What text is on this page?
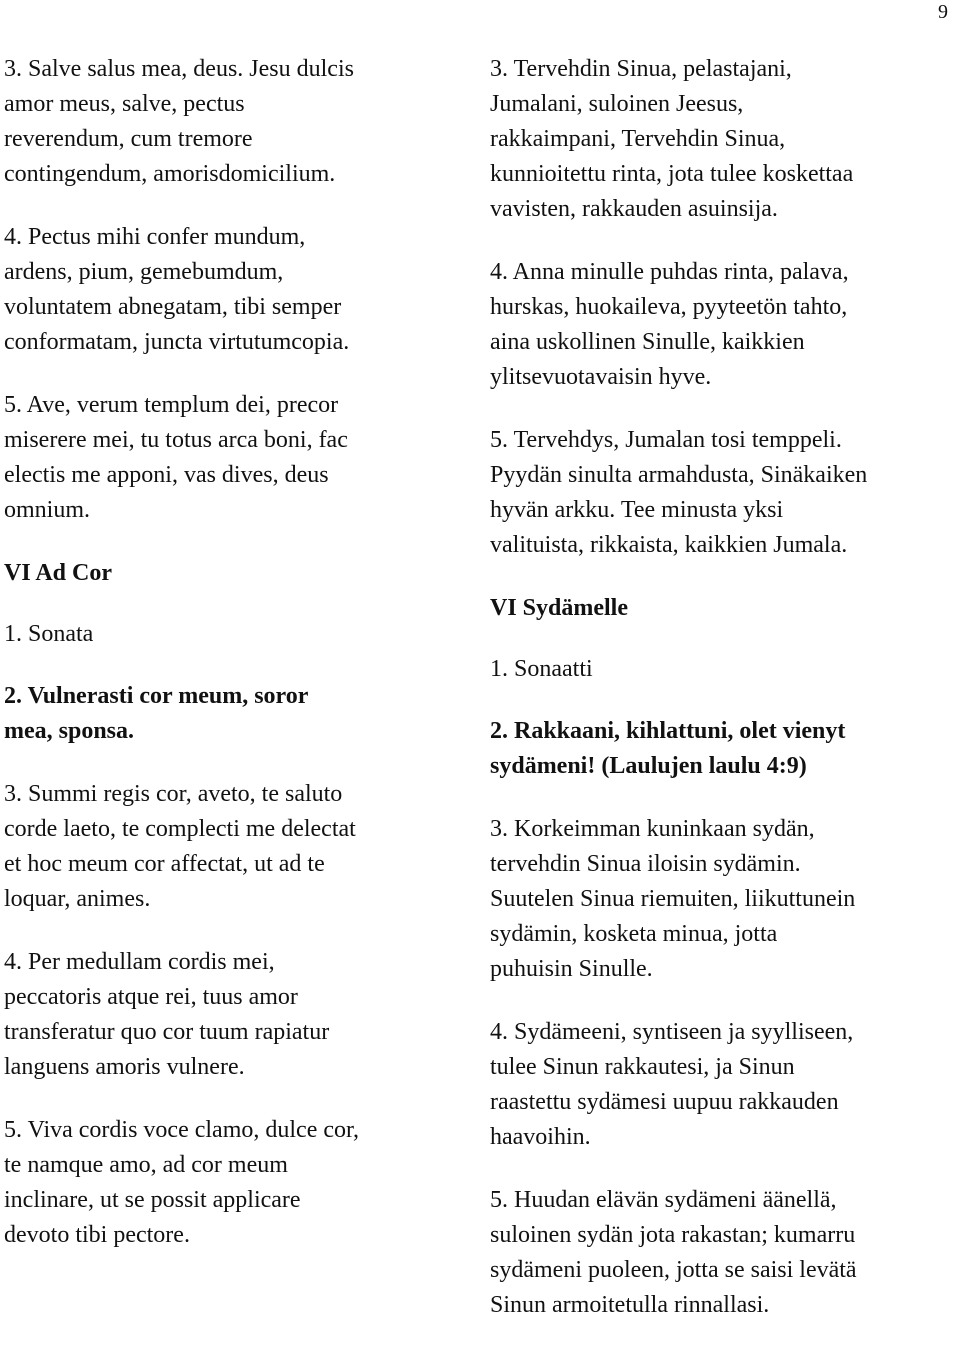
9
3. Salve salus mea, deus. Jesu dulcis
amor meus, salve, pectus
reverendum, cum tremore
contingendum, amorisdomicilium.
4. Pectus mihi confer mundum,
ardens, pium, gemebumdum,
voluntatem abnegatam, tibi semper
conformatam, juncta virtutumcopia.
5. Ave, verum templum dei, precor
miserere mei, tu totus arca boni, fac
electis me apponi, vas dives, deus
omnium.
VI Ad Cor
1. Sonata
2. Vulnerasti cor meum, soror
mea, sponsa.
3. Summi regis cor, aveto, te saluto
corde laeto, te complecti me delectat
et hoc meum cor affectat, ut ad te
loquar, animes.
4. Per medullam cordis mei,
peccatoris atque rei, tuus amor
transferatur quo cor tuum rapiatur
languens amoris vulnere.
5. Viva cordis voce clamo, dulce cor,
te namque amo, ad cor meum
inclinare, ut se possit applicare
devoto tibi pectore.
3. Tervehdin Sinua, pelastajani,
Jumalani, suloinen Jeesus,
rakkaimpani, Tervehdin Sinua,
kunnioitettu rinta, jota tulee koskettaa
vavisten, rakkauden asuinsija.
4. Anna minulle puhdas rinta, palava,
hurskas, huokaileva, pyyteetön tahto,
aina uskollinen Sinulle, kaikkien
ylitsevuotavaisin hyve.
5. Tervehdys, Jumalan tosi temppeli.
Pyydän sinulta armahdusta, Sinäkaiken
hyvän arkku. Tee minusta yksi
valituista, rikkaista, kaikkien Jumala.
VI Sydämelle
1. Sonaatti
2. Rakkaani, kihlattuni, olet vienyt
sydämeni! (Laulujen laulu 4:9)
3. Korkeimman kuninkaan sydän,
tervehdin Sinua iloisin sydämin.
Suutelen Sinua riemuiten, liikuttunein
sydämin, kosketa minua, jotta
puhuisin Sinulle.
4. Sydämeeni, syntiseen ja syylliseen,
tulee Sinun rakkautesi, ja Sinun
raastettu sydämesi uupuu rakkauden
haavoihin.
5. Huudan elävän sydämeni äänellä,
suloinen sydän jota rakastan; kumarru
sydämeni puoleen, jotta se saisi levätä
Sinun armoitetulla rinnallasi.
